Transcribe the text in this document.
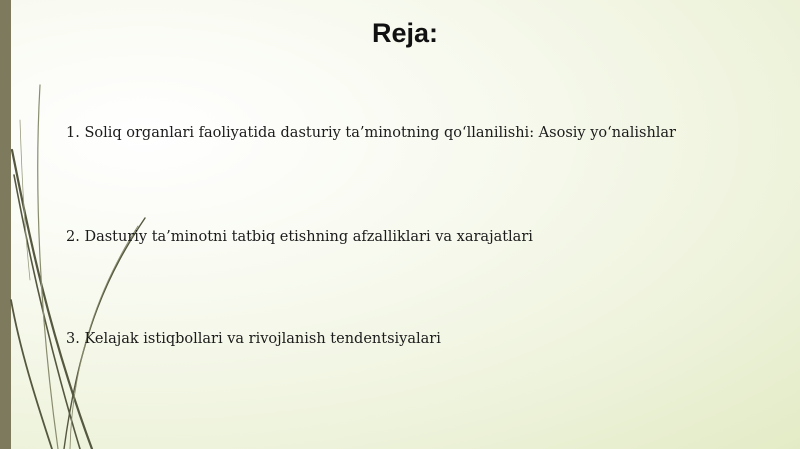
Reja:
1. Soliq organlari faoliyatida dasturiy ta’minotning qo‘llanilishi: Asosiy yo‘nalishlar
2. Dasturiy ta’minotni tatbiq etishning afzalliklari va xarajatlari
3. Kelajak istiqbollari va rivojlanish tendentsiyalari
